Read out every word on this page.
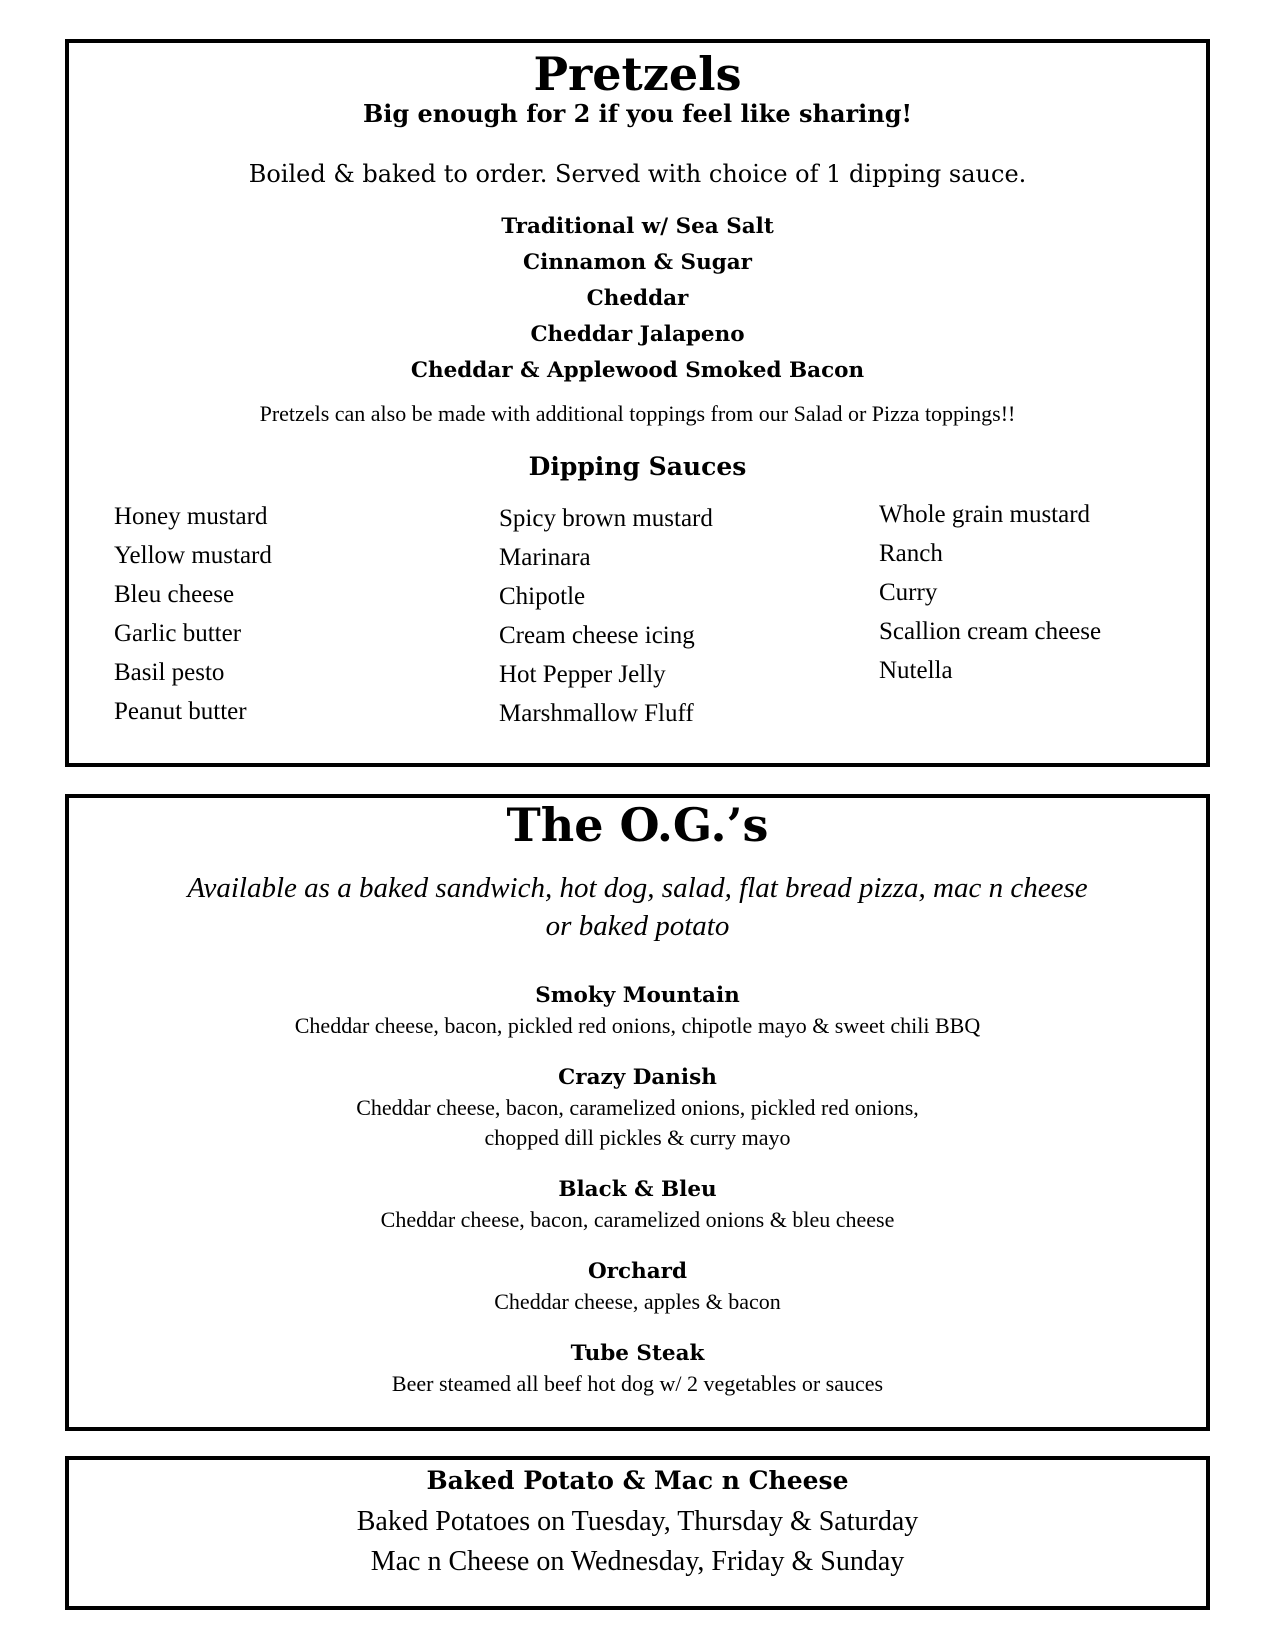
Pretzels
Big enough for 2 if you feel like sharing!
Boiled & baked to order. Served with choice of 1 dipping sauce.
Traditional w/ Sea Salt
Cinnamon & Sugar
Cheddar
Cheddar Jalapeno
Cheddar & Applewood Smoked Bacon
Pretzels can also be made with additional toppings from our Salad or Pizza toppings!!
Dipping Sauces
Honey mustard
Yellow mustard
Bleu cheese
Garlic butter
Basil pesto
Peanut butter
Spicy brown mustard
Marinara
Chipotle
Cream cheese icing
Hot Pepper Jelly
Marshmallow Fluff
Whole grain mustard
Ranch
Curry
Scallion cream cheese
Nutella
The O.G.’s
Available as a baked sandwich, hot dog, salad, flat bread pizza, mac n cheese
or baked potato
Smoky Mountain
Cheddar cheese, bacon, pickled red onions, chipotle mayo & sweet chili BBQ
Crazy Danish
Cheddar cheese, bacon, caramelized onions, pickled red onions,
chopped dill pickles & curry mayo
Black & Bleu
Cheddar cheese, bacon, caramelized onions & bleu cheese
Orchard
Cheddar cheese, apples & bacon
Tube Steak
Beer steamed all beef hot dog w/ 2 vegetables or sauces
Baked Potato & Mac n Cheese
Baked Potatoes on Tuesday, Thursday & Saturday
Mac n Cheese on Wednesday, Friday & Sunday
